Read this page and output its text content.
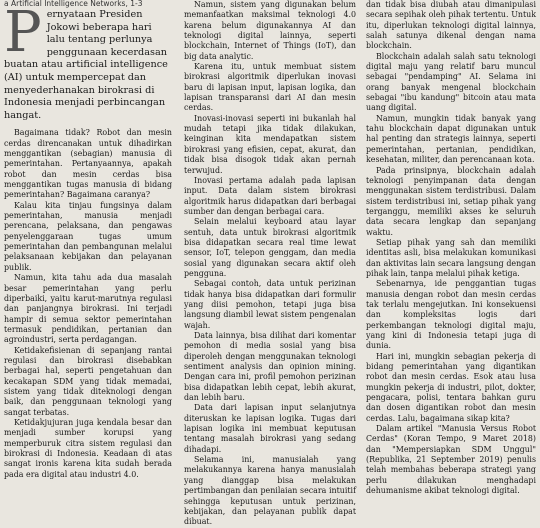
a Artificial Intelligence Networks, 1-3
P ernyataan Presiden Jokowi beberapa hari lalu tentang perlunya penggunaan kecerdasan buatan atau artificial intelligence (AI) untuk mempercepat dan menyederhanakan birokrasi di Indonesia menjadi perbincangan hangat.

Bagaimana tidak? Robot dan mesin cerdas direncanakan untuk dihadirkan menggantikan (sebagian) manusia di pemerintahan. Pertanyaannya, apakah robot dan mesin cerdas bisa menggantikan tugas manusia di bidang pemerintahan? Bagaimana caranya?

Kalau kita tinjau fungsinya dalam pemerintahan, manusia menjadi perencana, pelaksana, dan pengawas penyelenggaraan tugas umum pemerintahan dan pembangunan melalui pelaksanaan kebijakan dan pelayanan publik.

Namun, kita tahu ada dua masalah besar pemerintahan yang perlu diperbaiki, yaitu karut-marutnya regulasi dan panjangnya birokrasi. Ini terjadi hampir di semua sektor pemerintahan termasuk pendidikan, pertanian dan agroindustri, serta perdagangan.

Ketidakefisienan di sepanjang rantai regulasi dan birokrasi disebabkan berbagai hal, seperti pengetahuan dan kecakapan SDM yang tidak memadai, sistem yang tidak diteknologi dengan baik, dan penggunaan teknologi yang sangat terbatas.

Ketidakjujuran juga kendala besar dan menjadi sumber korupsi yang memperburuk citra sistem regulasi dan birokrasi di Indonesia. Keadaan di atas sangat ironis karena kita sudah berada pada era digital atau industri 4.0.

Namun, sistem yang digunakan belum memanfaatkan maksimal teknologi 4.0 karena belum digunakannya AI dan teknologi digital lainnya, seperti blockchain, Internet of Things (IoT), dan big data analytic.

Karena itu, untuk membuat sistem birokrasi algoritmik diperlukan inovasi baru di lapisan input, lapisan logika, dan lapisan transparansi dari AI dan mesin cerdas.

Inovasi-inovasi seperti ini bukanlah hal mudah tetapi jika tidak dilakukan, keinginan kita mendapatkan sistem birokrasi yang efisien, cepat, akurat, dan tidak bisa disogok tidak akan pernah terwujud.

Inovasi pertama adalah pada lapisan input. Data dalam sistem birokrasi algoritmik harus didapatkan dari berbagai sumber dan dengan berbagai cara.

Selain melalui keyboard atau layar sentuh, data untuk birokrasi algoritmik bisa didapatkan secara real time lewat sensor, IoT, telepon genggam, dan media sosial yang digunakan secara aktif oleh pengguna.

Sebagai contoh, data untuk perizinan tidak hanya bisa didapatkan dari formulir yang diisi pemohon, tetapi juga bisa langsung diambil lewat sistem pengenalan wajah.

Data lainnya, bisa dilihat dari komentar pemohon di media sosial yang bisa diperoleh dengan menggunakan teknologi sentiment analysis dan opinion mining. Dengan cara ini, profil pemohon perizinan bisa didapatkan lebih cepat, lebih akurat, dan lebih baru.

Data dari lapisan input selanjutnya diteruskan ke lapisan logika. Tugas dari lapisan logika ini membuat keputusan tentang masalah birokrasi yang sedang dihadapi.

Selama ini, manusialah yang melakukannya karena hanya manusialah yang dianggap bisa melakukan pertimbangan dan penilaian secara intuitif sehingga keputusan untuk perizinan, kebijakan, dan pelayanan publik dapat dibuat.

dan tidak bisa diubah atau dimanipulasi secara sepihak oleh pihak tertentu. Untuk itu, diperlukan teknologi digital lainnya, salah satunya dikenal dengan nama blockchain.

Blockchain adalah salah satu teknologi digital maju yang relatif baru muncul sebagai "pendamping" AI. Selama ini orang banyak mengenal blockchain sebagai "ibu kandung" bitcoin atau mata uang digital.

Namun, mungkin tidak banyak yang tahu blockchain dapat digunakan untuk hal penting dan strategis lainnya, seperti pemerintahan, pertanian, pendidikan, kesehatan, militer, dan perencanaan kota.

Pada prinsipnya, blockchain adalah teknologi penyimpanan data dengan menggunakan sistem terdistribusi. Dalam sistem terdistribusi ini, setiap pihak yang terganggu, memiliki akses ke seluruh data secara lengkap dan sepanjang waktu.

Setiap pihak yang sah dan memiliki identitas asli, bisa melakukan komunikasi dan aktivitas lain secara langsung dengan pihak lain, tanpa melalui pihak ketiga.

Sebenarnya, ide penggantian tugas manusia dengan robot dan mesin cerdas tak terlalu mengejutkan. Ini konsekuensi dan kompleksitas logis dari perkembangan teknologi digital maju, yang kini di Indonesia tetapi juga di dunia.

Hari ini, mungkin sebagian pekerja di bidang pemerintahan yang digantikan robot dan mesin cerdas. Esok atau lusa mungkin pekerja di industri, pilot, dokter, pengacara, polisi, tentara bahkan guru dan dosen digantikan robot dan mesin cerdas. Lalu, bagaimana sikap kita?

Dalam artikel "Manusia Versus Robot Cerdas" (Koran Tempo, 9 Maret 2018) dan "Mempersiapkan SDM Unggul" (Republika, 21 September 2019) penulis telah membahas beberapa strategi yang perlu dilakukan menghadapi dehumanisme akibat teknologi digital.
